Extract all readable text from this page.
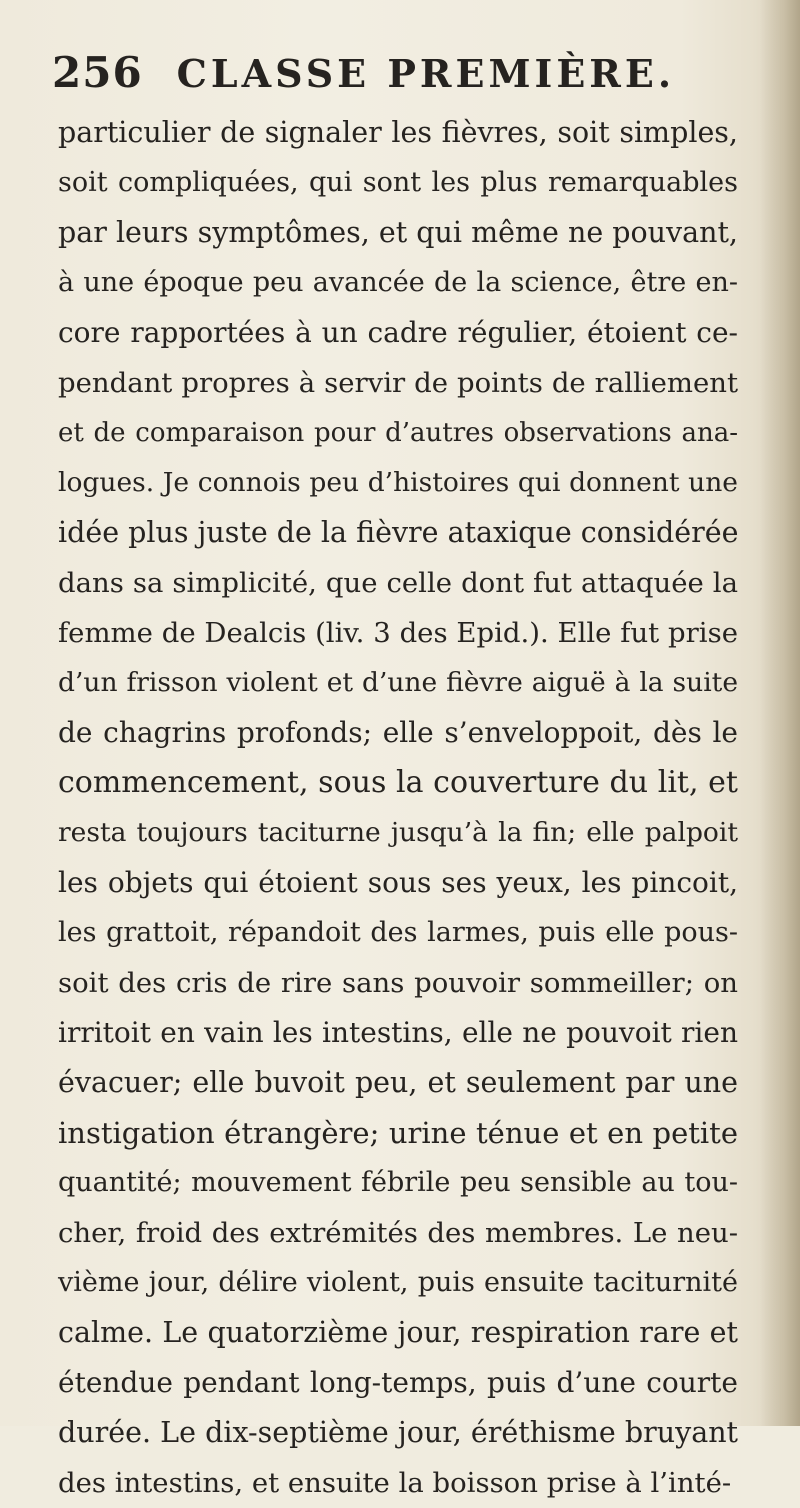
256 CLASSE PREMIÈRE.
particulier de signaler les fièvres, soit simples,
soit compliquées, qui sont les plus remarquables
par leurs symptômes, et qui même ne pouvant,
à une époque peu avancée de la science, être en-
core rapportées à un cadre régulier, étoient ce-
pendant propres à servir de points de ralliement
et de comparaison pour d’autres observations ana-
logues. Je connois peu d’histoires qui donnent une
idée plus juste de la fièvre ataxique considérée
dans sa simplicité, que celle dont fut attaquée la
femme de Dealcis (liv. 3 des Epid.). Elle fut prise
d’un frisson violent et d’une fièvre aiguë à la suite
de chagrins profonds; elle s’enveloppoit, dès le
commencement, sous la couverture du lit, et
resta toujours taciturne jusqu’à la fin; elle palpoit
les objets qui étoient sous ses yeux, les pincoit,
les grattoit, répandoit des larmes, puis elle pous-
soit des cris de rire sans pouvoir sommeiller; on
irritoit en vain les intestins, elle ne pouvoit rien
évacuer; elle buvoit peu, et seulement par une
instigation étrangère; urine ténue et en petite
quantité; mouvement fébrile peu sensible au tou-
cher, froid des extrémités des membres. Le neu-
vième jour, délire violent, puis ensuite taciturnité
calme. Le quatorzième jour, respiration rare et
étendue pendant long-temps, puis d’une courte
durée. Le dix-septième jour, éréthisme bruyant
des intestins, et ensuite la boisson prise à l’inté-
